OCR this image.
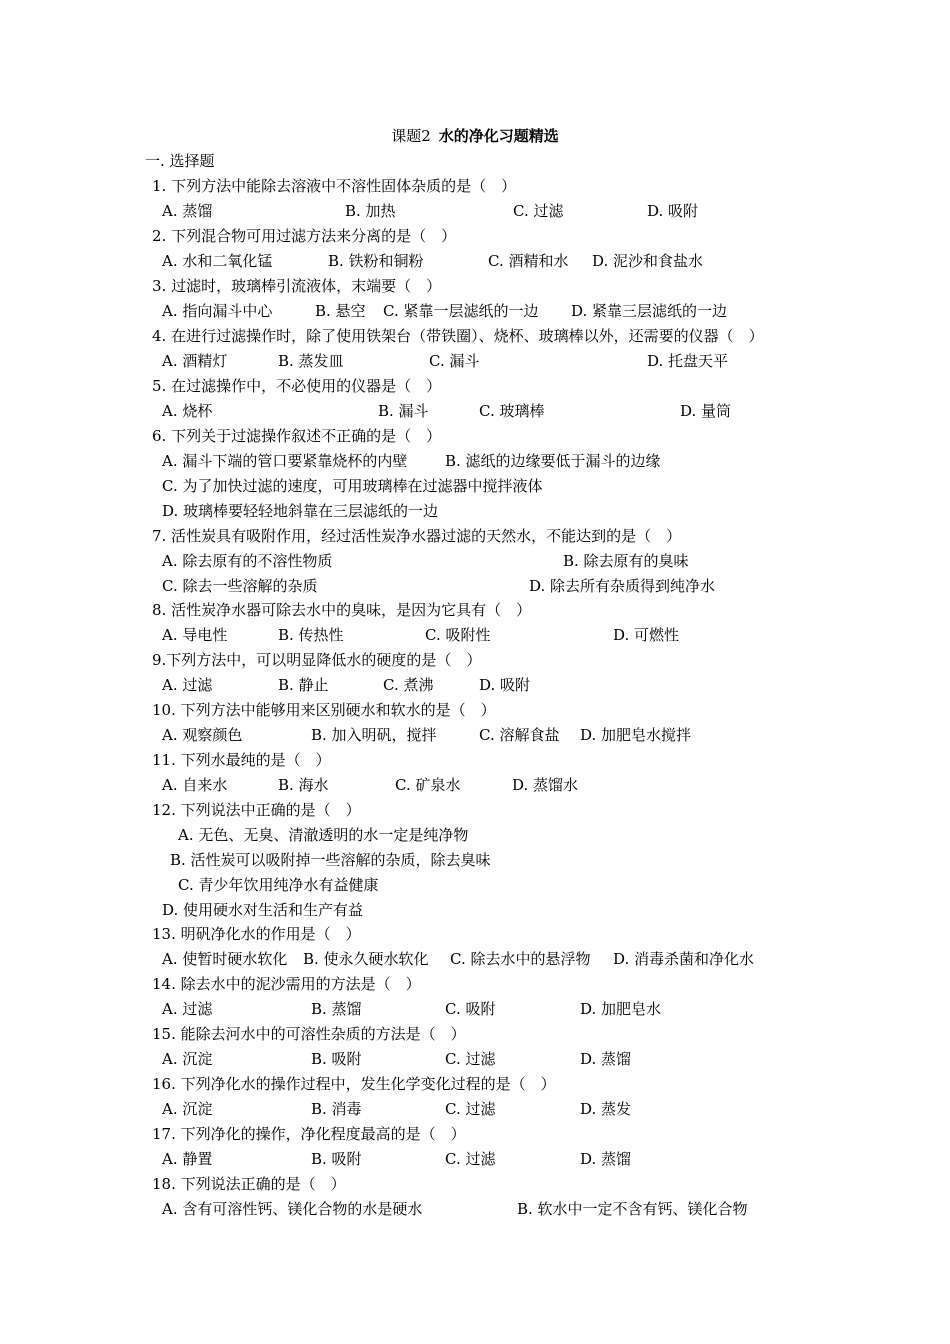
课题2 水的净化习题精选
一. 选择题
1. 下列方法中能除去溶液中不溶性固体杂质的是（　）
A. 蒸馏	B. 加热	C. 过滤	D. 吸附
2. 下列混合物可用过滤方法来分离的是（　）
A. 水和二氧化锰	B. 铁粉和铜粉	C. 酒精和水 D. 泥沙和食盐水
3. 过滤时，玻璃棒引流液体，末端要（　）
A. 指向漏斗中心	B. 悬空 C. 紧靠一层滤纸的一边 D. 紧靠三层滤纸的一边
4. 在进行过滤操作时，除了使用铁架台（带铁圈）、烧杯、玻璃棒以外，还需要的仪器（　）
A. 酒精灯	B. 蒸发皿	C. 漏斗	D. 托盘天平
5. 在过滤操作中，不必使用的仪器是（　）
A. 烧杯	B. 漏斗	C. 玻璃棒	D. 量筒
6. 下列关于过滤操作叙述不正确的是（　）
A. 漏斗下端的管口要紧靠烧杯的内壁	B. 滤纸的边缘要低于漏斗的边缘
C. 为了加快过滤的速度，可用玻璃棒在过滤器中搅拌液体
D. 玻璃棒要轻轻地斜靠在三层滤纸的一边
7. 活性炭具有吸附作用，经过活性炭净水器过滤的天然水，不能达到的是（　）
A. 除去原有的不溶性物质	B. 除去原有的臭味
C. 除去一些溶解的杂质	D. 除去所有杂质得到纯净水
8. 活性炭净水器可除去水中的臭味，是因为它具有（　）
A. 导电性	B. 传热性	C. 吸附性	D. 可燃性
9.下列方法中，可以明显降低水的硬度的是（　）
A. 过滤	B. 静止	C. 煮沸	D. 吸附
10. 下列方法中能够用来区别硬水和软水的是（　）
A. 观察颜色	B. 加入明矾，搅拌	C. 溶解食盐 D. 加肥皂水搅拌
11. 下列水最纯的是（　）
A. 自来水	B. 海水	C. 矿泉水	D. 蒸馏水
12. 下列说法中正确的是（　）
A. 无色、无臭、清澈透明的水一定是纯净物
B. 活性炭可以吸附掉一些溶解的杂质，除去臭味
C. 青少年饮用纯净水有益健康
D. 使用硬水对生活和生产有益
13. 明矾净化水的作用是（　）
A. 使暂时硬水软化 B. 使永久硬水软化 C. 除去水中的悬浮物 D. 消毒杀菌和净化水
14. 除去水中的泥沙需用的方法是（　）
A. 过滤	B. 蒸馏	C. 吸附	D. 加肥皂水
15. 能除去河水中的可溶性杂质的方法是（　）
A. 沉淀	B. 吸附	C. 过滤	D. 蒸馏
16. 下列净化水的操作过程中，发生化学变化过程的是（　）
A. 沉淀	B. 消毒	C. 过滤	D. 蒸发
17. 下列净化的操作，净化程度最高的是（　）
A. 静置	B. 吸附	C. 过滤	D. 蒸馏
18. 下列说法正确的是（　）
A. 含有可溶性钙、镁化合物的水是硬水	B. 软水中一定不含有钙、镁化合物
